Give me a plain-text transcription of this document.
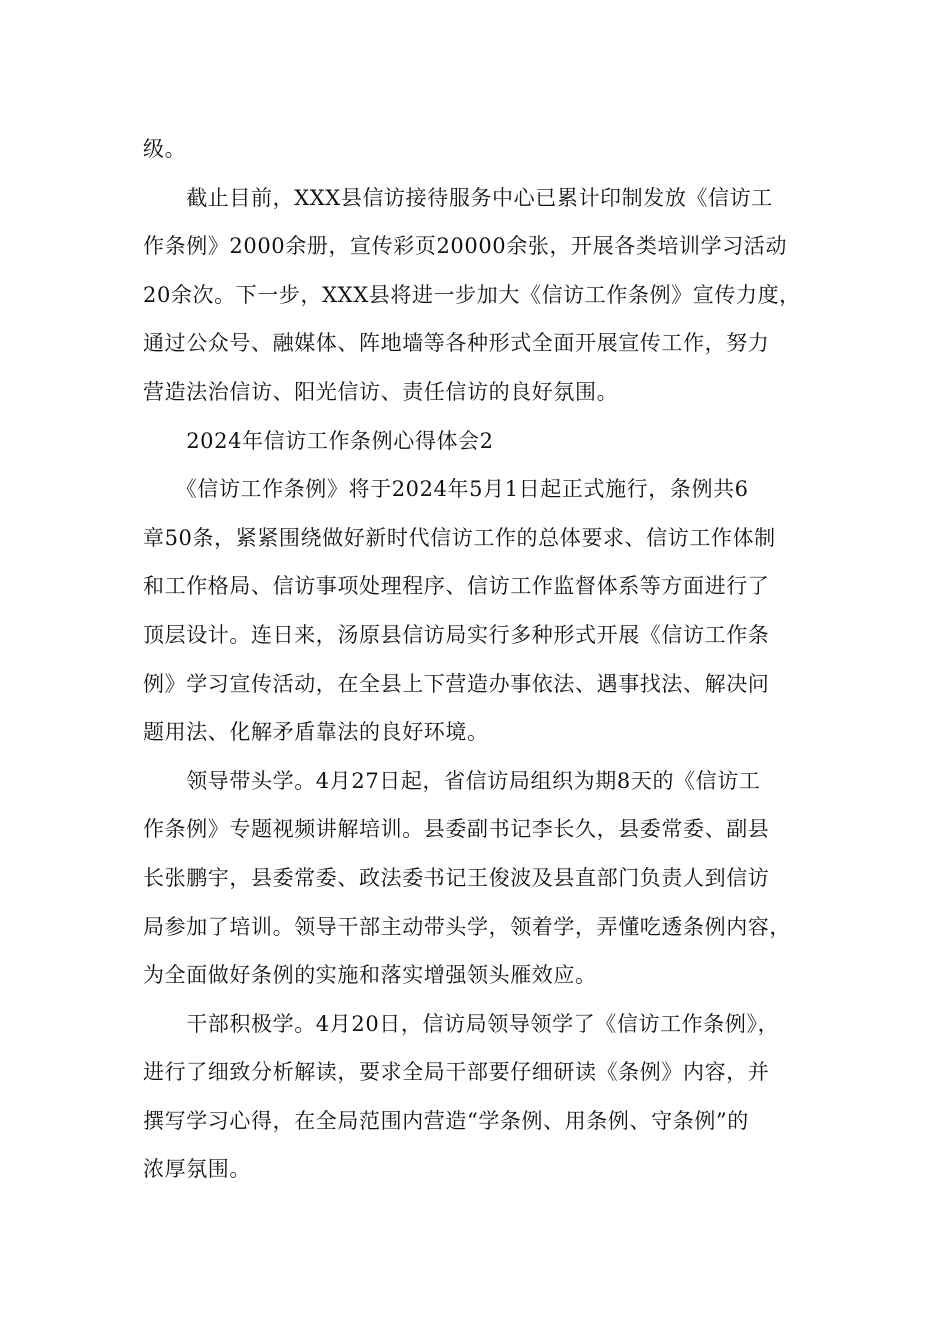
级。
　　截止目前，XXX县信访接待服务中心已累计印制发放《信访工
作条例》2000余册，宣传彩页20000余张，开展各类培训学习活动
20余次。下一步，XXX县将进一步加大《信访工作条例》宣传力度，
通过公众号、融媒体、阵地墙等各种形式全面开展宣传工作，努力
营造法治信访、阳光信访、责任信访的良好氛围。
　　2024年信访工作条例心得体会2
　　《信访工作条例》将于2024年5月1日起正式施行，条例共6
章50条，紧紧围绕做好新时代信访工作的总体要求、信访工作体制
和工作格局、信访事项处理程序、信访工作监督体系等方面进行了
顶层设计。连日来，汤原县信访局实行多种形式开展《信访工作条
例》学习宣传活动，在全县上下营造办事依法、遇事找法、解决问
题用法、化解矛盾靠法的良好环境。
　　领导带头学。4月27日起，省信访局组织为期8天的《信访工
作条例》专题视频讲解培训。县委副书记李长久，县委常委、副县
长张鹏宇，县委常委、政法委书记王俊波及县直部门负责人到信访
局参加了培训。领导干部主动带头学，领着学，弄懂吃透条例内容，
为全面做好条例的实施和落实增强领头雁效应。
　　干部积极学。4月20日，信访局领导领学了《信访工作条例》，
进行了细致分析解读，要求全局干部要仔细研读《条例》内容，并
撰写学习心得，在全局范围内营造“学条例、用条例、守条例”的
浓厚氛围。
